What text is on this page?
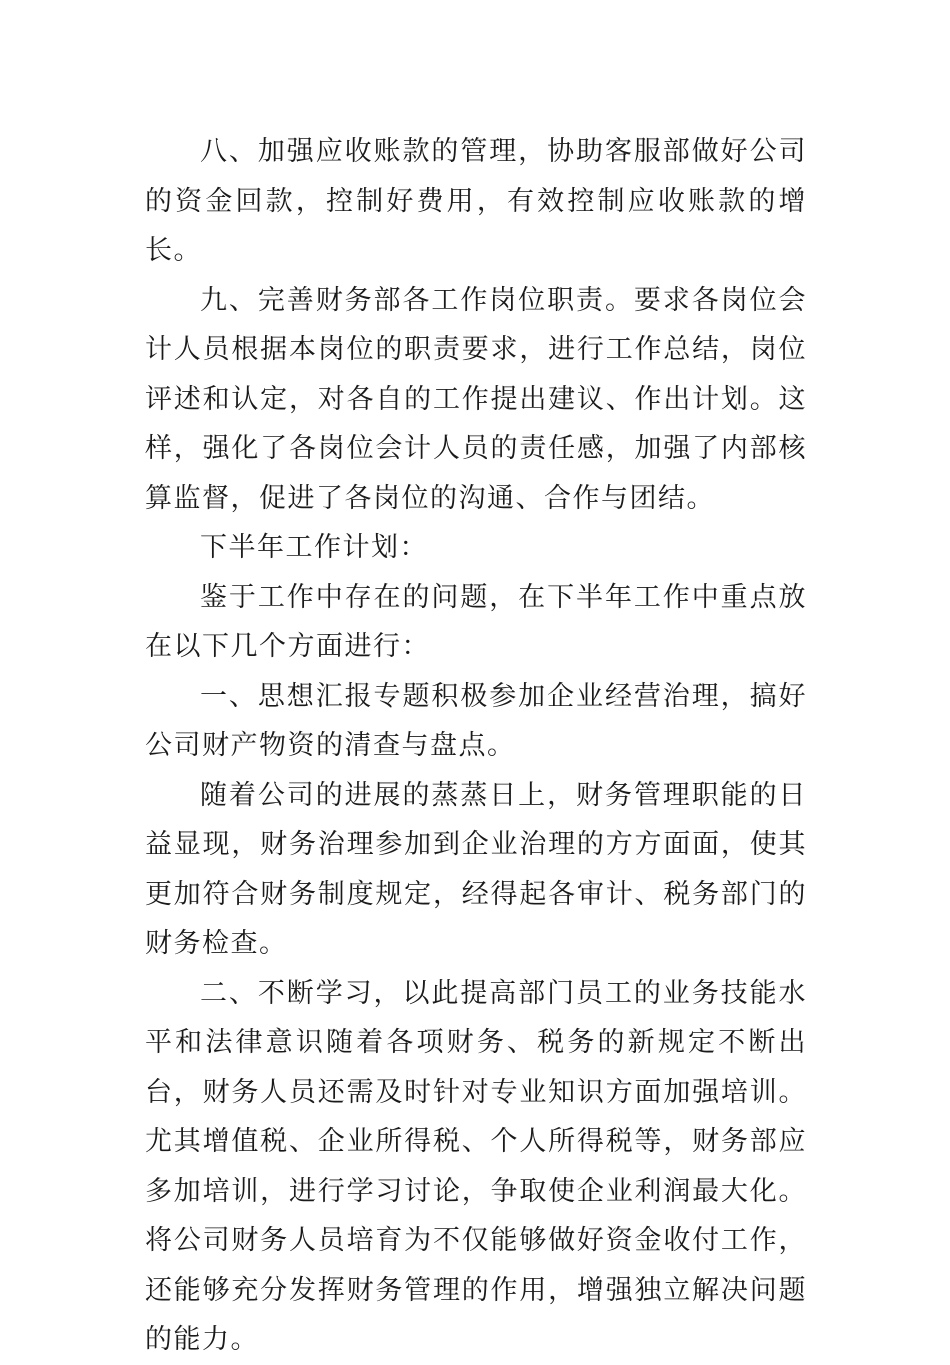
八、加强应收账款的管理，协助客服部做好公司的资金回款，控制好费用，有效控制应收账款的增长。

九、完善财务部各工作岗位职责。要求各岗位会计人员根据本岗位的职责要求，进行工作总结，岗位评述和认定，对各自的工作提出建议、作出计划。这样，强化了各岗位会计人员的责任感，加强了内部核算监督，促进了各岗位的沟通、合作与团结。

下半年工作计划：

鉴于工作中存在的问题，在下半年工作中重点放在以下几个方面进行：

一、思想汇报专题积极参加企业经营治理，搞好公司财产物资的清查与盘点。

随着公司的进展的蒸蒸日上，财务管理职能的日益显现，财务治理参加到企业治理的方方面面，使其更加符合财务制度规定，经得起各审计、税务部门的财务检查。

二、不断学习，以此提高部门员工的业务技能水平和法律意识随着各项财务、税务的新规定不断出台，财务人员还需及时针对专业知识方面加强培训。尤其增值税、企业所得税、个人所得税等，财务部应多加培训，进行学习讨论，争取使企业利润最大化。将公司财务人员培育为不仅能够做好资金收付工作，还能够充分发挥财务管理的作用，增强独立解决问题的能力。
